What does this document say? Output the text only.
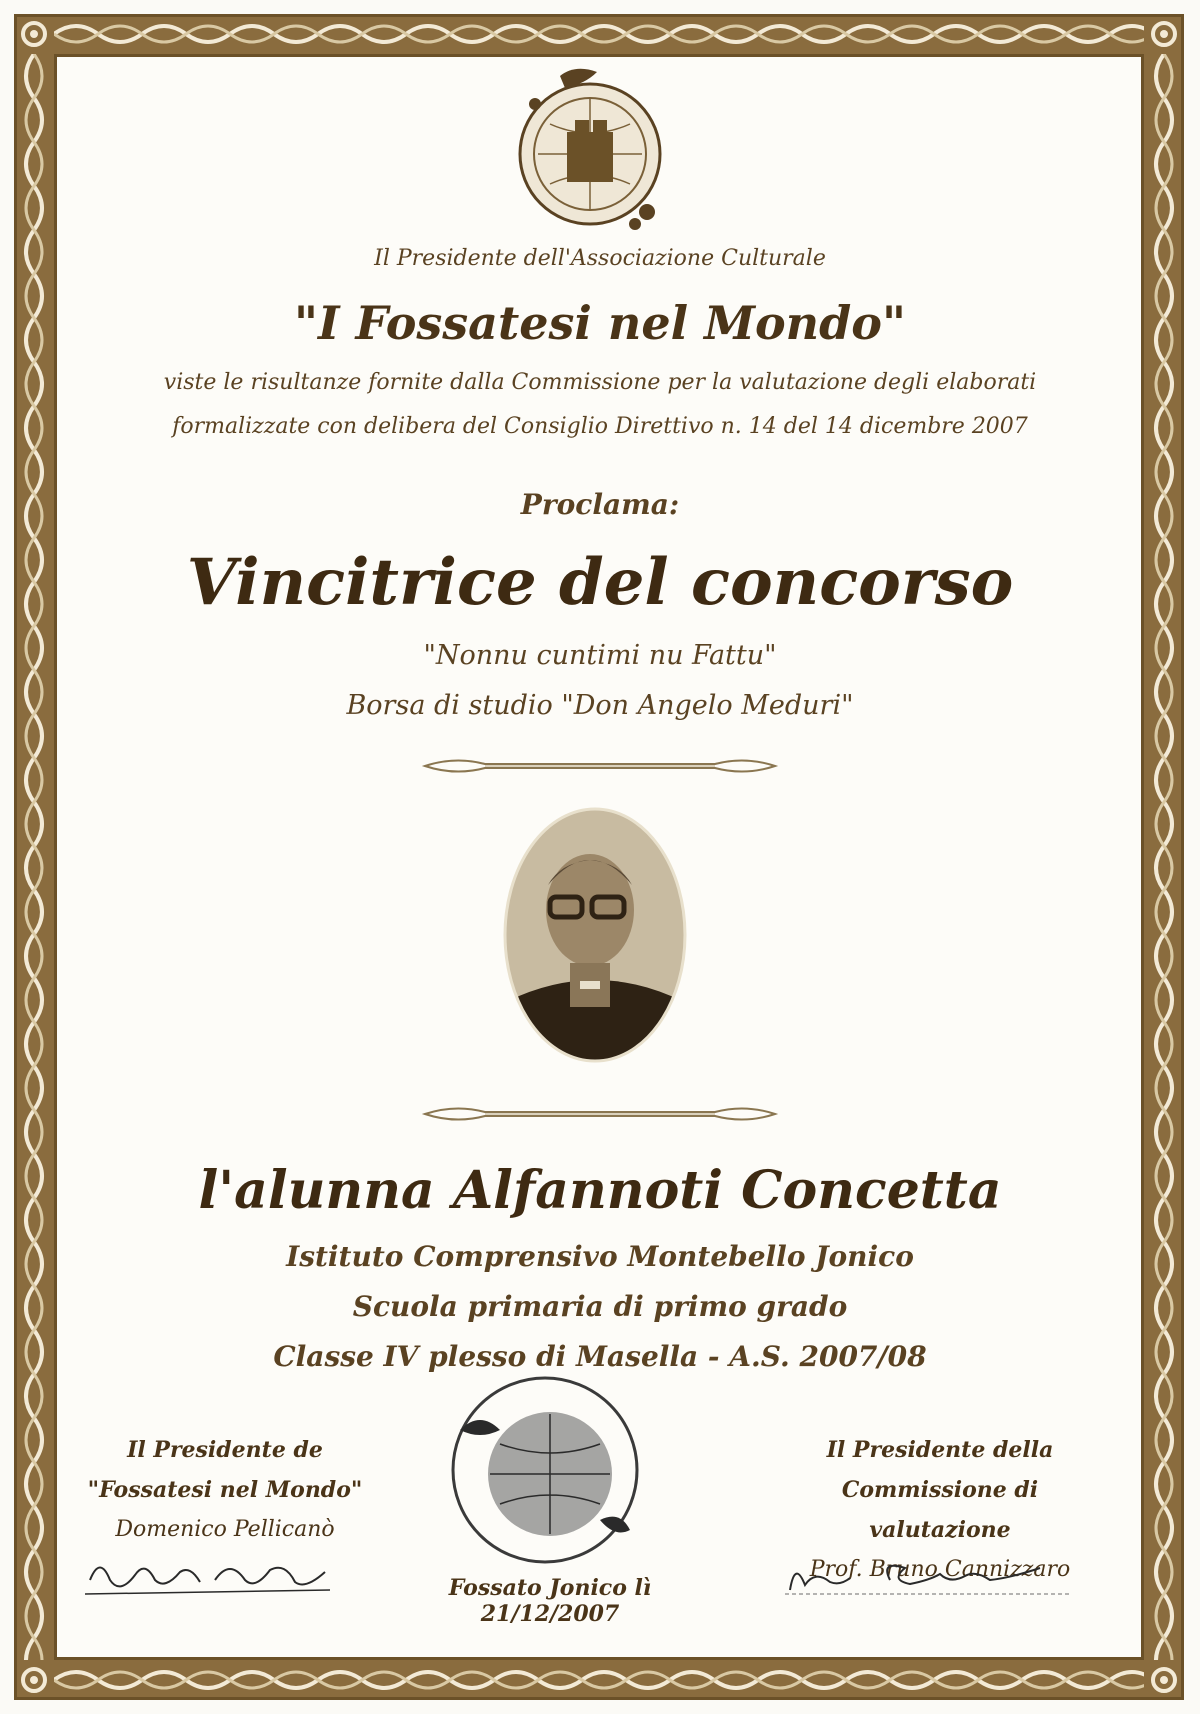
Il Presidente dell'Associazione Culturale
"I Fossatesi nel Mondo"
viste le risultanze fornite dalla Commissione per la valutazione degli elaborati
formalizzate con delibera del Consiglio Direttivo n. 14 del 14 dicembre 2007
Proclama:
Vincitrice del concorso
"Nonnu cuntimi nu Fattu"
Borsa di studio "Don Angelo Meduri"
l'alunna Alfannoti Concetta
Istituto Comprensivo Montebello Jonico
Scuola primaria di primo grado
Classe IV plesso di Masella - A.S. 2007/08
Il Presidente de
"Fossatesi nel Mondo"
Domenico Pellicanò
Fossato Jonico lì 21/12/2007
Il Presidente della
Commissione di valutazione
Prof. Bruno Cannizzaro
